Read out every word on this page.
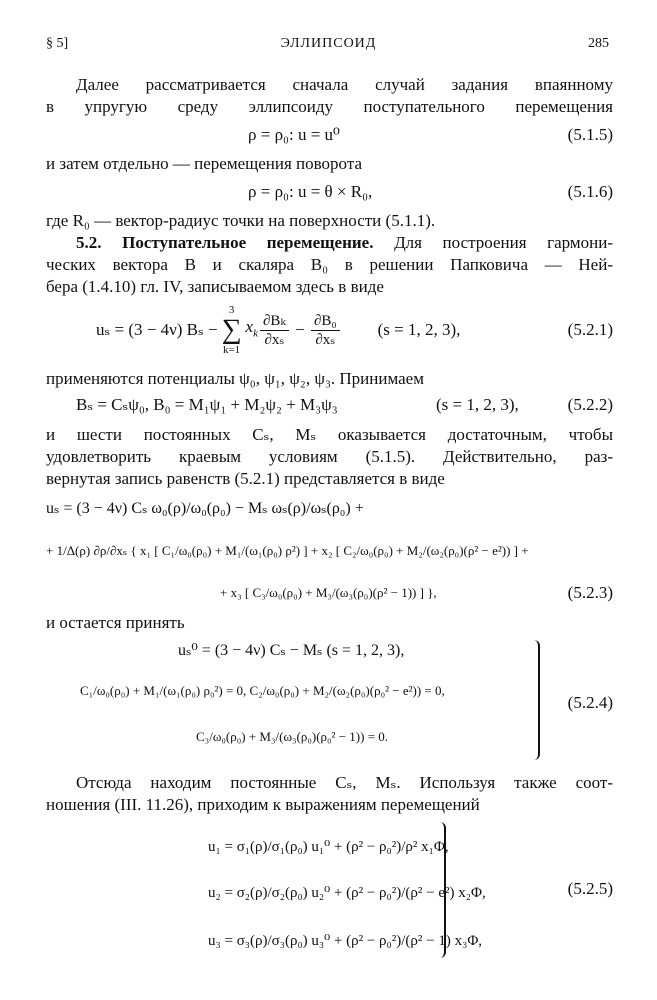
§ 5]	ЭЛЛИПСОИД	285
Далее рассматривается сначала случай задания впаянному
в упругую среду эллипсоиду поступательного перемещения
ρ = ρ₀: u = u⁰	(5.1.5)
и затем отдельно — перемещения поворота
ρ = ρ₀: u = θ × R₀,	(5.1.6)
где R₀ — вектор-радиус точки на поверхности (5.1.1).
5.2. Поступательное перемещение. Для построения гармони-
ческих вектора B и скаляра B₀ в решении Папковича — Ней-
бера (1.4.10) гл. IV, записываемом здесь в виде
uₛ = (3 − 4ν) Bₛ −
3
∑
k=1
$x_k \frac{\text{∂Bₖ}}{\text{∂xₛ}} - \frac{\text{∂B₀}}{\text{∂xₛ}} (s = 1$, 2, 3),	(5.2.1)
применяются потенциалы ψ₀, ψ₁, ψ₂, ψ₃. Принимаем
Bₛ = Cₛψ₀, B₀ = M₁ψ₁ + M₂ψ₂ + M₃ψ₃	(s = 1, 2, 3),	(5.2.2)
и шести постоянных Cₛ, Mₛ оказывается достаточным, чтобы
удовлетворить краевым условиям (5.1.5). Действительно, раз-
вернутая запись равенств (5.2.1) представляется в виде
uₛ = (3 − 4ν) Cₛ ω₀(ρ)/ω₀(ρ₀) − Mₛ ωₛ(ρ)/ωₛ(ρ₀) +
+ 1/Δ(ρ) ∂ρ/∂xₛ { x₁ [ C₁/ω₀(ρ₀) + M₁/(ω₁(ρ₀) ρ²) ] + x₂ [ C₂/ω₀(ρ₀) + M₂/(ω₂(ρ₀)(ρ² − e²)) ] +
+ x₃ [ C₃/ω₀(ρ₀) + M₃/(ω₃(ρ₀)(ρ² − 1)) ] },	(5.2.3)
и остается принять
uₛ⁰ = (3 − 4ν) Cₛ − Mₛ (s = 1, 2, 3),
C₁/ω₀(ρ₀) + M₁/(ω₁(ρ₀) ρ₀²) = 0, C₂/ω₀(ρ₀) + M₂/(ω₂(ρ₀)(ρ₀² − e²)) = 0,
C₃/ω₀(ρ₀) + M₃/(ω₃(ρ₀)(ρ₀² − 1)) = 0.
(5.2.4)
Отсюда находим постоянные Cₛ, Mₛ. Используя также соот-
ношения (III. 11.26), приходим к выражениям перемещений
u₁ = σ₁(ρ)/σ₁(ρ₀) u₁⁰ + (ρ² − ρ₀²)/ρ² x₁Φ,
u₂ = σ₂(ρ)/σ₂(ρ₀) u₂⁰ + (ρ² − ρ₀²)/(ρ² − e²) x₂Φ,
u₃ = σ₃(ρ)/σ₃(ρ₀) u₃⁰ + (ρ² − ρ₀²)/(ρ² − 1) x₃Φ,
(5.2.5)
